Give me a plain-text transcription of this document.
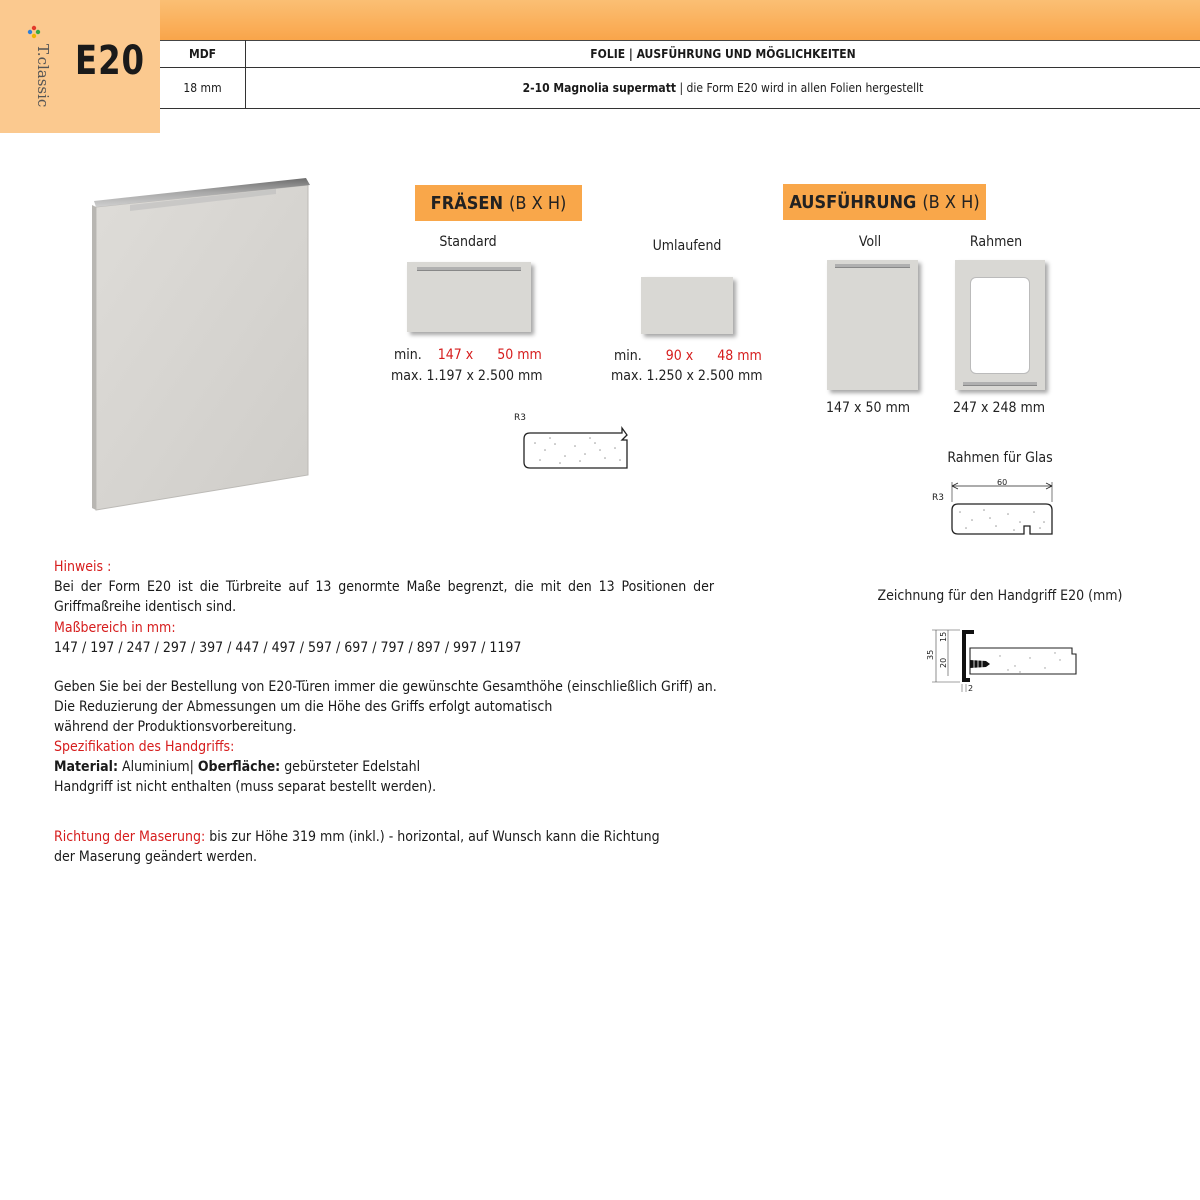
T.classic E20	MDF	FOLIE | AUSFÜHRUNG UND MÖGLICHKEITEN
18 mm	2-10 Magnolia supermatt
| die Form E20 wird in allen Folien hergestellt
FRÄSEN (B X H)
Standard
min. 147 x 50 mm
max. 1.197 x 2.500 mm
Umlaufend
min. 90 x 48 mm
max. 1.250 x 2.500 mm
R3
AUSFÜHRUNG (B X H)
Voll
147 x 50 mm
Rahmen
247 x 248 mm
Rahmen für Glas
R3
60
Zeichnung für den Handgriff E20 (mm)
35
15
20
2
Hinweis :
Bei der Form E20 ist die Türbreite auf 13 genormte Maße begrenzt, die mit den 13 Positionen der Griffmaßreihe identisch sind.
Maßbereich in mm:
147 / 197 / 247 / 297 / 397 / 447 / 497 / 597 / 697 / 797 / 897 / 997 / 1197
Geben Sie bei der Bestellung von E20-Türen immer die gewünschte Gesamthöhe (einschließlich Griff) an.
Die Reduzierung der Abmessungen um die Höhe des Griffs erfolgt automatisch
während der Produktionsvorbereitung.
Spezifikation des Handgriffs:
Material: Aluminium| Oberfläche: gebürsteter Edelstahl
Handgriff ist nicht enthalten (muss separat bestellt werden).
Richtung der Maserung: bis zur Höhe 319 mm (inkl.) - horizontal, auf Wunsch kann die Richtung
der Maserung geändert werden.
